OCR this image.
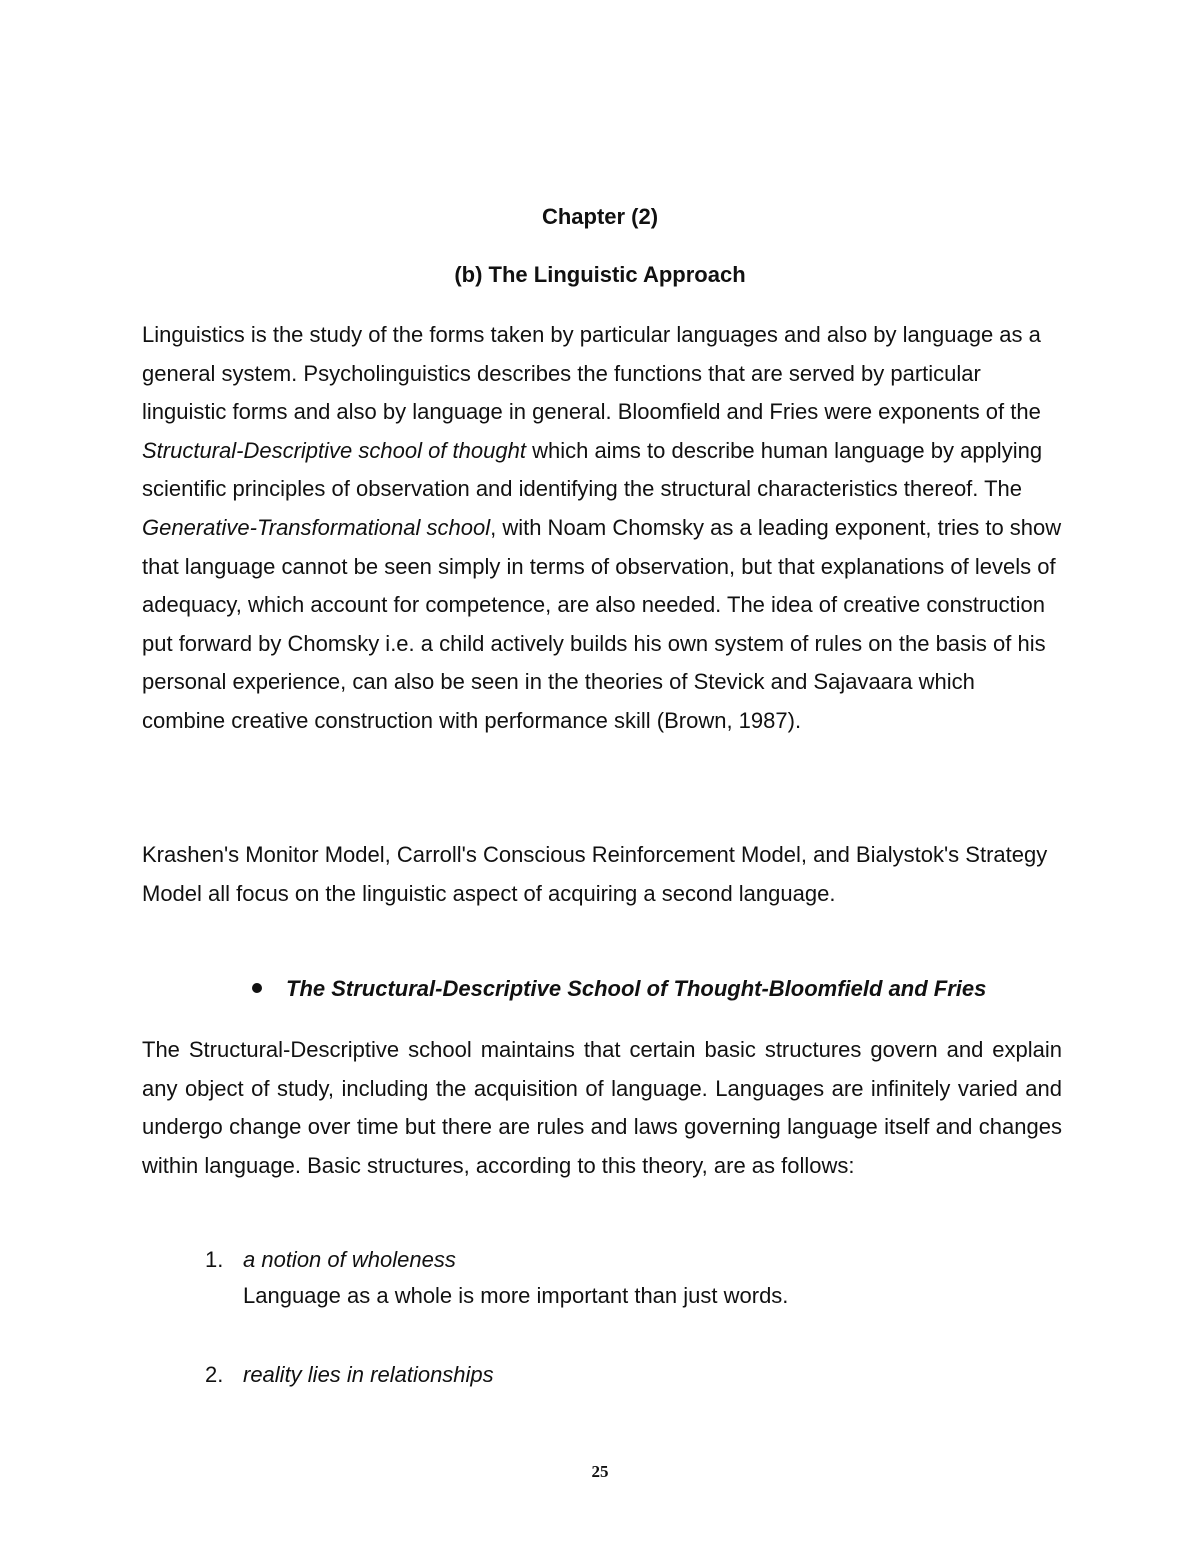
Chapter (2)
(b) The Linguistic Approach

Linguistics is the study of the forms taken by particular languages and also by language as a general system. Psycholinguistics describes the functions that are served by particular linguistic forms and also by language in general. Bloomfield and Fries were exponents of the Structural-Descriptive school of thought which aims to describe human language by applying scientific principles of observation and identifying the structural characteristics thereof. The Generative-Transformational school, with Noam Chomsky as a leading exponent, tries to show that language cannot be seen simply in terms of observation, but that explanations of levels of adequacy, which account for competence, are also needed. The idea of creative construction put forward by Chomsky i.e. a child actively builds his own system of rules on the basis of his personal experience, can also be seen in the theories of Stevick and Sajavaara which combine creative construction with performance skill (Brown, 1987).

Krashen's Monitor Model, Carroll's Conscious Reinforcement Model, and Bialystok's Strategy Model all focus on the linguistic aspect of acquiring a second language.

The Structural-Descriptive School of Thought-Bloomfield and Fries

The Structural-Descriptive school maintains that certain basic structures govern and explain any object of study, including the acquisition of language. Languages are infinitely varied and undergo change over time but there are rules and laws governing language itself and changes within language. Basic structures, according to this theory, are as follows:

1. a notion of wholeness
Language as a whole is more important than just words.
2. reality lies in relationships

25
